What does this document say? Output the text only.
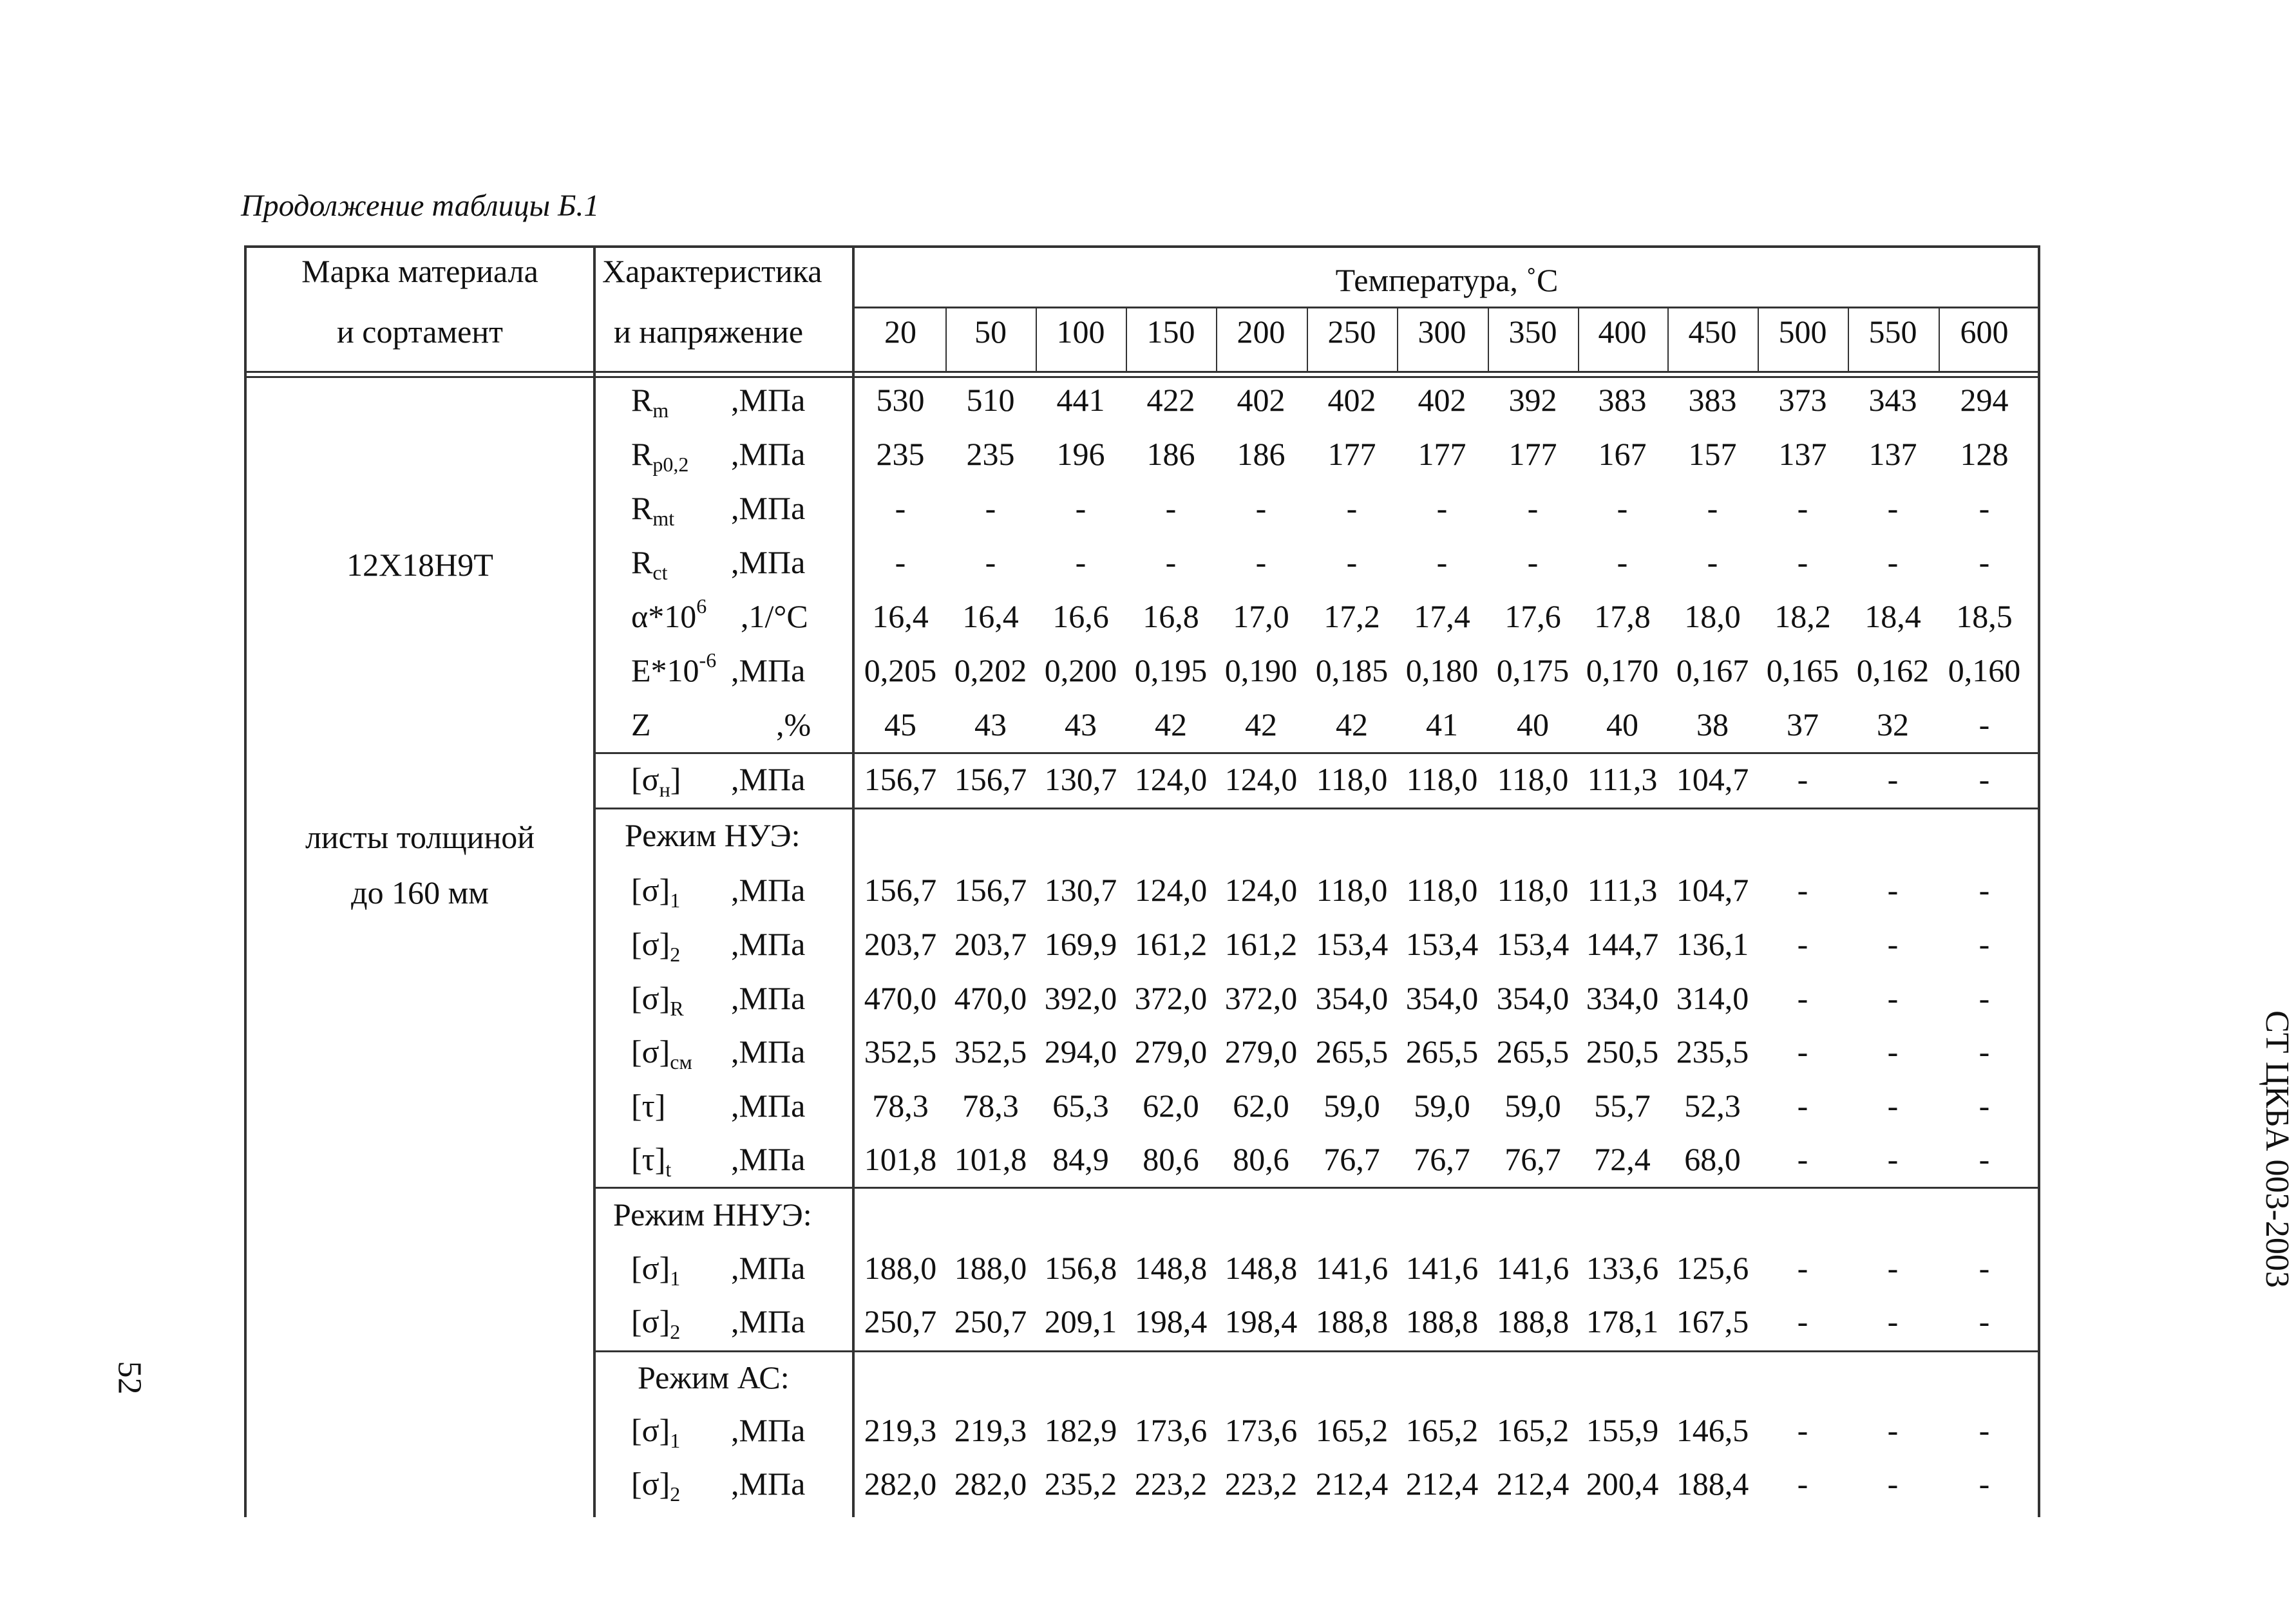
Продолжение таблицы Б.1
Марка материала
и сортамент
Характеристика
и напряжение
Температура, ˚С
20	50	100	150	200	250	300	350	400	450	500	550	600
12Х18Н9Т
листы толщиной
до 160 мм
$R_m$ ,МПа	530	510	441	422	402	402	402	392	383	383	373	343	294
$R_{p0,2}$ ,МПа	235	235	196	186	186	177	177	177	167	157	137	137	128
$R_{mt}$ ,МПа	-	-	-	-	-	-	-	-	-	-	-	-	-
$R_{ct}$ ,МПа	-	-	-	-	-	-	-	-	-	-	-	-	-
$\alpha*10^6$ ,1/°С	16,4	16,4	16,6	16,8	17,0	17,2	17,4	17,6	17,8	18,0	18,2	18,4	18,5
$Е*10^{-6}$ ,МПа 0,205 0,202 0,200 0,195 0,190 0,185 0,180 0,175 0,170 0,167 0,165 0,162 0,160
Z	,%	45	43	43	42	42	42	41	40	40	38	37	32	-
$[\sigma_н]$ ,МПа 156,7 156,7 130,7 124,0 124,0 118,0 118,0 118,0 111,3 104,7	-	-	-
Режим НУЭ:
$[\sigma]_1$ ,МПа 156,7 156,7 130,7 124,0 124,0 118,0 118,0 118,0 111,3 104,7	-	-	-
$[\sigma]_2$ ,МПа 203,7 203,7 169,9 161,2 161,2 153,4 153,4 153,4 144,7 136,1	-	-	-
$[\sigma]_R$ ,МПа 470,0 470,0 392,0 372,0 372,0 354,0 354,0 354,0 334,0 314,0	-	-	-
$[\sigma]_{см}$ ,МПа 352,5 352,5 294,0 279,0 279,0 265,5 265,5 265,5 250,5 235,5	-	-	-
[τ] ,МПа	78,3	78,3	65,3	62,0	62,0	59,0	59,0	59,0	55,7	52,3	-	-	-
$[\tau]_t$ ,МПа 101,8 101,8 84,9	80,6	80,6	76,7	76,7	76,7	72,4	68,0	-	-	-
Режим ННУЭ:
$[\sigma]_1$ ,МПа 188,0 188,0 156,8 148,8 148,8 141,6 141,6 141,6 133,6 125,6	-	-	-
$[\sigma]_2$ ,МПа 250,7 250,7 209,1 198,4 198,4 188,8 188,8 188,8 178,1 167,5	-	-	-
Режим АС:
$[\sigma]_1$ ,МПа 219,3 219,3 182,9 173,6 173,6 165,2 165,2 165,2 155,9 146,5	-	-	-
$[\sigma]_2$ ,МПа 282,0 282,0 235,2 223,2 223,2 212,4 212,4 212,4 200,4 188,4	-	-	-
СТ ЦКБА 003-2003
52
